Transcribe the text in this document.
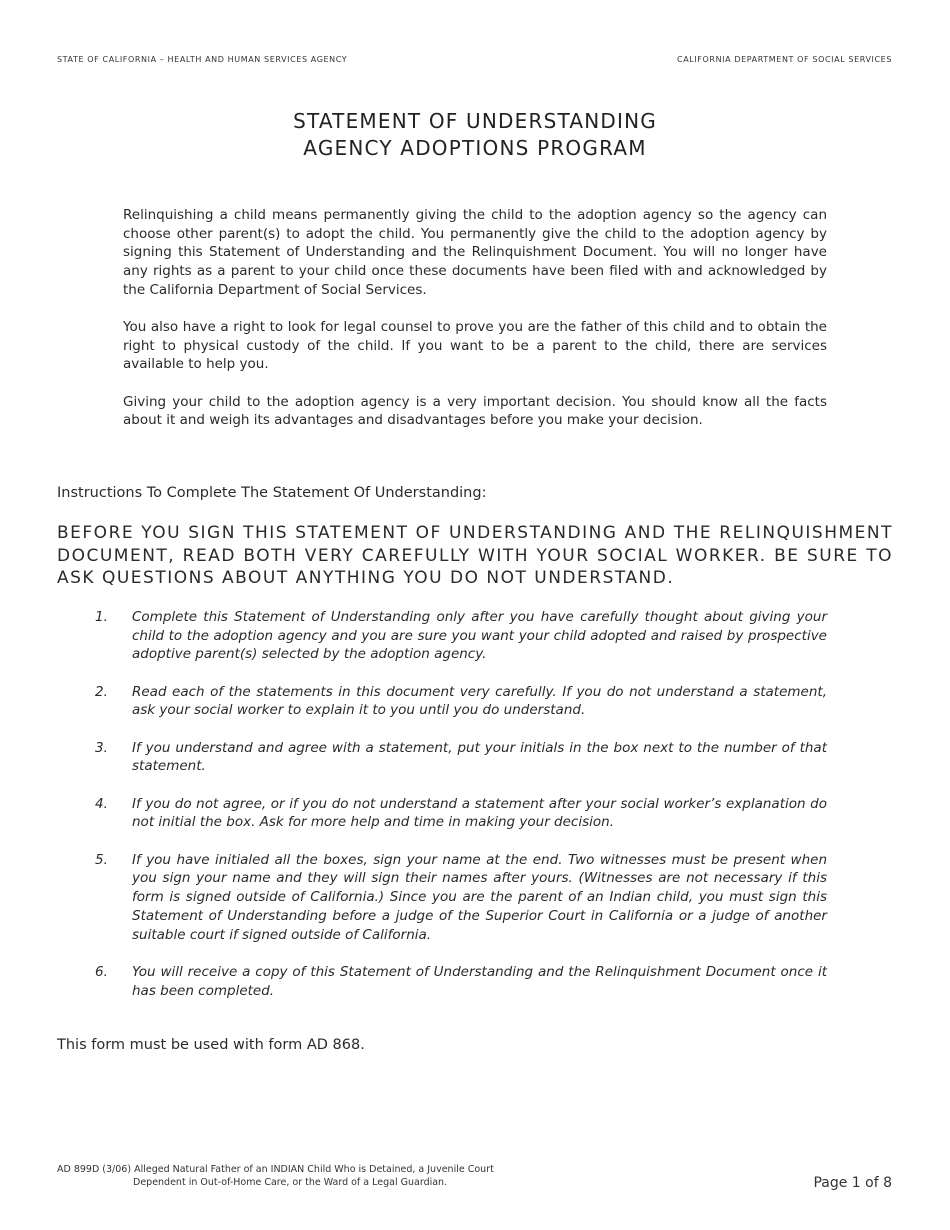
STATE OF CALIFORNIA – HEALTH AND HUMAN SERVICES AGENCY	CALIFORNIA DEPARTMENT OF SOCIAL SERVICES
STATEMENT OF UNDERSTANDING
AGENCY ADOPTIONS PROGRAM

Relinquishing a child means permanently giving the child to the adoption agency so the agency can choose other parent(s) to adopt the child. You permanently give the child to the adoption agency by signing this Statement of Understanding and the Relinquishment Document. You will no longer have any rights as a parent to your child once these documents have been filed with and acknowledged by the California Department of Social Services.

You also have a right to look for legal counsel to prove you are the father of this child and to obtain the right to physical custody of the child. If you want to be a parent to the child, there are services available to help you.

Giving your child to the adoption agency is a very important decision. You should know all the facts about it and weigh its advantages and disadvantages before you make your decision.

Instructions To Complete The Statement Of Understanding:
BEFORE YOU SIGN THIS STATEMENT OF UNDERSTANDING AND THE RELINQUISHMENT DOCUMENT, READ BOTH VERY CAREFULLY WITH YOUR SOCIAL WORKER. BE SURE TO ASK QUESTIONS ABOUT ANYTHING YOU DO NOT UNDERSTAND.
1.	Complete this Statement of Understanding only after you have carefully thought about giving your child to the adoption agency and you are sure you want your child adopted and raised by prospective adoptive parent(s) selected by the adoption agency.
2.	Read each of the statements in this document very carefully. If you do not understand a statement, ask your social worker to explain it to you until you do understand.
3.	If you understand and agree with a statement, put your initials in the box next to the number of that statement.
4.	If you do not agree, or if you do not understand a statement after your social worker’s explanation do not initial the box. Ask for more help and time in making your decision.
5.	If you have initialed all the boxes, sign your name at the end. Two witnesses must be present when you sign your name and they will sign their names after yours. (Witnesses are not necessary if this form is signed outside of California.) Since you are the parent of an Indian child, you must sign this Statement of Understanding before a judge of the Superior Court in California or a judge of another suitable court if signed outside of California.
6.	You will receive a copy of this Statement of Understanding and the Relinquishment Document once it has been completed.
This form must be used with form AD 868.
AD 899D (3/06) Alleged Natural Father of an INDIAN Child Who is Detained, a Juvenile Court
Dependent in Out-of-Home Care, or the Ward of a Legal Guardian.	Page 1 of 8
